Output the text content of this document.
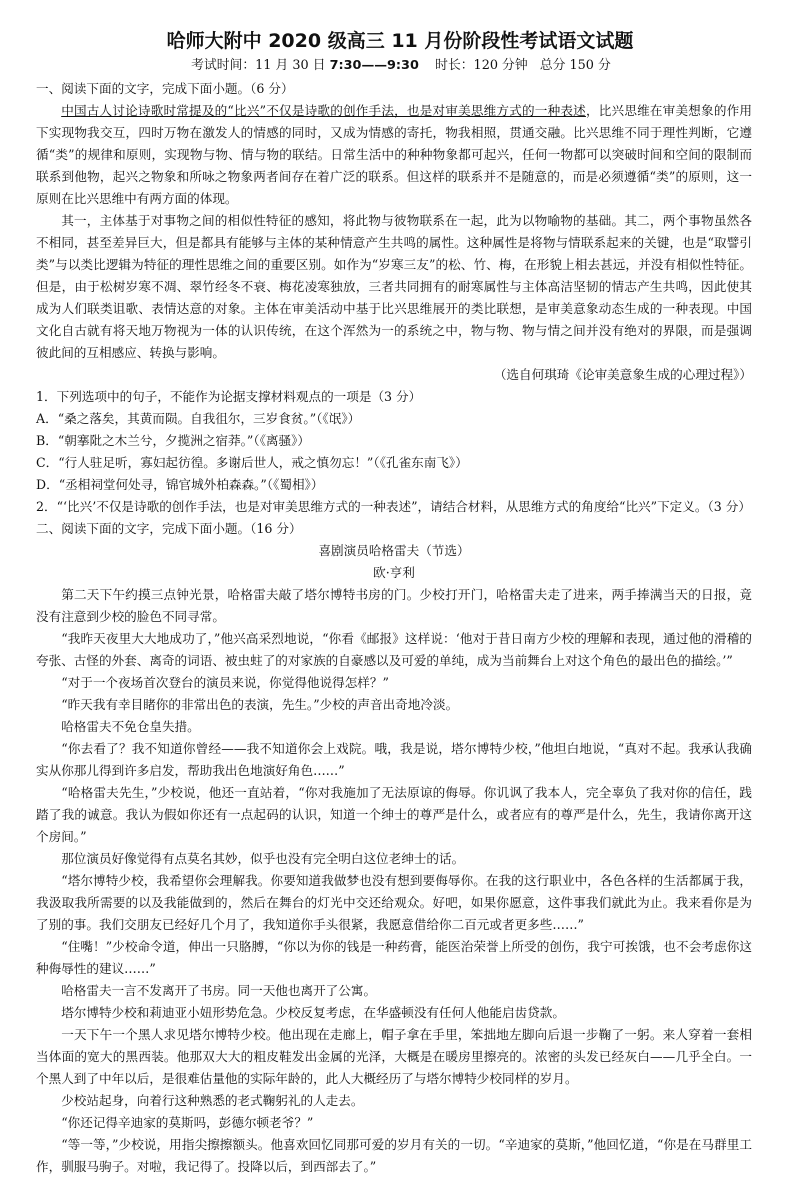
哈师大附中 2020 级高三 11 月份阶段性考试语文试题
考试时间：11 月 30 日 7:30——9:30 时长：120 分钟 总分 150 分
一、阅读下面的文字，完成下面小题。（6 分）

中国古人讨论诗歌时常提及的“比兴”不仅是诗歌的创作手法，也是对审美思维方式的一种表述，比兴思维在审美想象的作用下实现物我交互，四时万物在激发人的情感的同时，又成为情感的寄托，物我相照，贯通交融。比兴思维不同于理性判断，它遵循“类”的规律和原则，实现物与物、情与物的联结。日常生活中的种种物象都可起兴，任何一物都可以突破时间和空间的限制而联系到他物，起兴之物象和所咏之物象两者间存在着广泛的联系。但这样的联系并不是随意的，而是必须遵循“类”的原则，这一原则在比兴思维中有两方面的体现。

其一，主体基于对事物之间的相似性特征的感知，将此物与彼物联系在一起，此为以物喻物的基础。其二，两个事物虽然各不相同，甚至差异巨大，但是都具有能够与主体的某种情意产生共鸣的属性。这种属性是将物与情联系起来的关键，也是“取譬引类”与以类比逻辑为特征的理性思维之间的重要区别。如作为“岁寒三友”的松、竹、梅，在形貌上相去甚远，并没有相似性特征。但是，由于松树岁寒不凋、翠竹经冬不衰、梅花凌寒独放，三者共同拥有的耐寒属性与主体高洁坚韧的情志产生共鸣，因此使其成为人们联类诅歌、表情达意的对象。主体在审美活动中基于比兴思维展开的类比联想，是审美意象动态生成的一种表现。中国文化自古就有将天地万物视为一体的认识传统，在这个浑然为一的系统之中，物与物、物与情之间并没有绝对的界限，而是强调彼此间的互相感应、转换与影响。

（选自何琪琦《论审美意象生成的心理过程》）
1．下列选项中的句子，不能作为论据支撑材料观点的一项是（3 分）
A．“桑之落矣，其黄而陨。自我徂尔，三岁食贫。”（《氓》）
B．“朝搴阰之木兰兮，夕揽洲之宿莽。”（《离骚》）
C．“行人驻足听，寡妇起彷徨。多谢后世人，戒之慎勿忘！”（《孔雀东南飞》）
D．“丞相祠堂何处寻，锦官城外柏森森。”（《蜀相》）
2．“‘比兴’不仅是诗歌的创作手法，也是对审美思维方式的一种表述”，请结合材料，从思维方式的角度给“比兴”下定义。（3 分）
二、阅读下面的文字，完成下面小题。（16 分）
喜剧演员哈格雷夫（节选）
欧·亨利

第二天下午约摸三点钟光景，哈格雷夫敲了塔尔博特书房的门。少校打开门，哈格雷夫走了进来，两手捧满当天的日报，竟没有注意到少校的脸色不同寻常。

“我昨天夜里大大地成功了，”他兴高采烈地说，“你看《邮报》这样说：‘他对于昔日南方少校的理解和表现，通过他的滑稽的夸张、古怪的外套、离奇的词语、被虫蛀了的对家族的自豪感以及可爱的单纯，成为当前舞台上对这个角色的最出色的描绘。’”

“对于一个夜场首次登台的演员来说，你觉得他说得怎样？”

“昨天我有幸目睹你的非常出色的表演，先生。”少校的声音出奇地冷淡。

哈格雷夫不免仓皇失措。

“你去看了？我不知道你曾经——我不知道你会上戏院。哦，我是说，塔尔博特少校，”他坦白地说，“真对不起。我承认我确实从你那儿得到许多启发，帮助我出色地演好角色……”

“哈格雷夫先生，”少校说，他还一直站着，“你对我施加了无法原谅的侮辱。你讥讽了我本人，完全辜负了我对你的信任，践踏了我的诚意。我认为假如你还有一点起码的认识，知道一个绅士的尊严是什么，或者应有的尊严是什么，先生，我请你离开这个房间。”

那位演员好像觉得有点莫名其妙，似乎也没有完全明白这位老绅士的话。

“塔尔博特少校，我希望你会理解我。你要知道我做梦也没有想到要侮辱你。在我的这行职业中，各色各样的生活都属于我，我汲取我所需要的以及我能做到的，然后在舞台的灯光中交还给观众。好吧，如果你愿意，这件事我们就此为止。我来看你是为了别的事。我们交朋友已经好几个月了，我知道你手头很紧，我愿意借给你二百元或者更多些……”

“住嘴！”少校命令道，伸出一只胳膊，“你以为你的钱是一种药膏，能医治荣誉上所受的创伤，我宁可挨饿，也不会考虑你这种侮辱性的建议……”

哈格雷夫一言不发离开了书房。同一天他也离开了公寓。

塔尔博特少校和莉迪亚小妞形势危急。少校反复考虑，在华盛顿没有任何人他能启齿贷款。

一天下午一个黑人求见塔尔博特少校。他出现在走廊上，帽子拿在手里，笨拙地左脚向后退一步鞠了一躬。来人穿着一套相当体面的宽大的黑西装。他那双大大的粗皮鞋发出金属的光泽，大概是在暖房里擦亮的。浓密的头发已经灰白——几乎全白。一个黑人到了中年以后，是很难估量他的实际年龄的，此人大概经历了与塔尔博特少校同样的岁月。

少校站起身，向着行这种熟悉的老式鞠躬礼的人走去。

“你还记得辛迪家的莫斯吗，彭德尔顿老爷？”

“等一等，”少校说，用指尖擦擦额头。他喜欢回忆同那可爱的岁月有关的一切。“辛迪家的莫斯，”他回忆道，“你是在马群里工作，驯服马驹子。对啦，我记得了。投降以后，到西部去了。”
